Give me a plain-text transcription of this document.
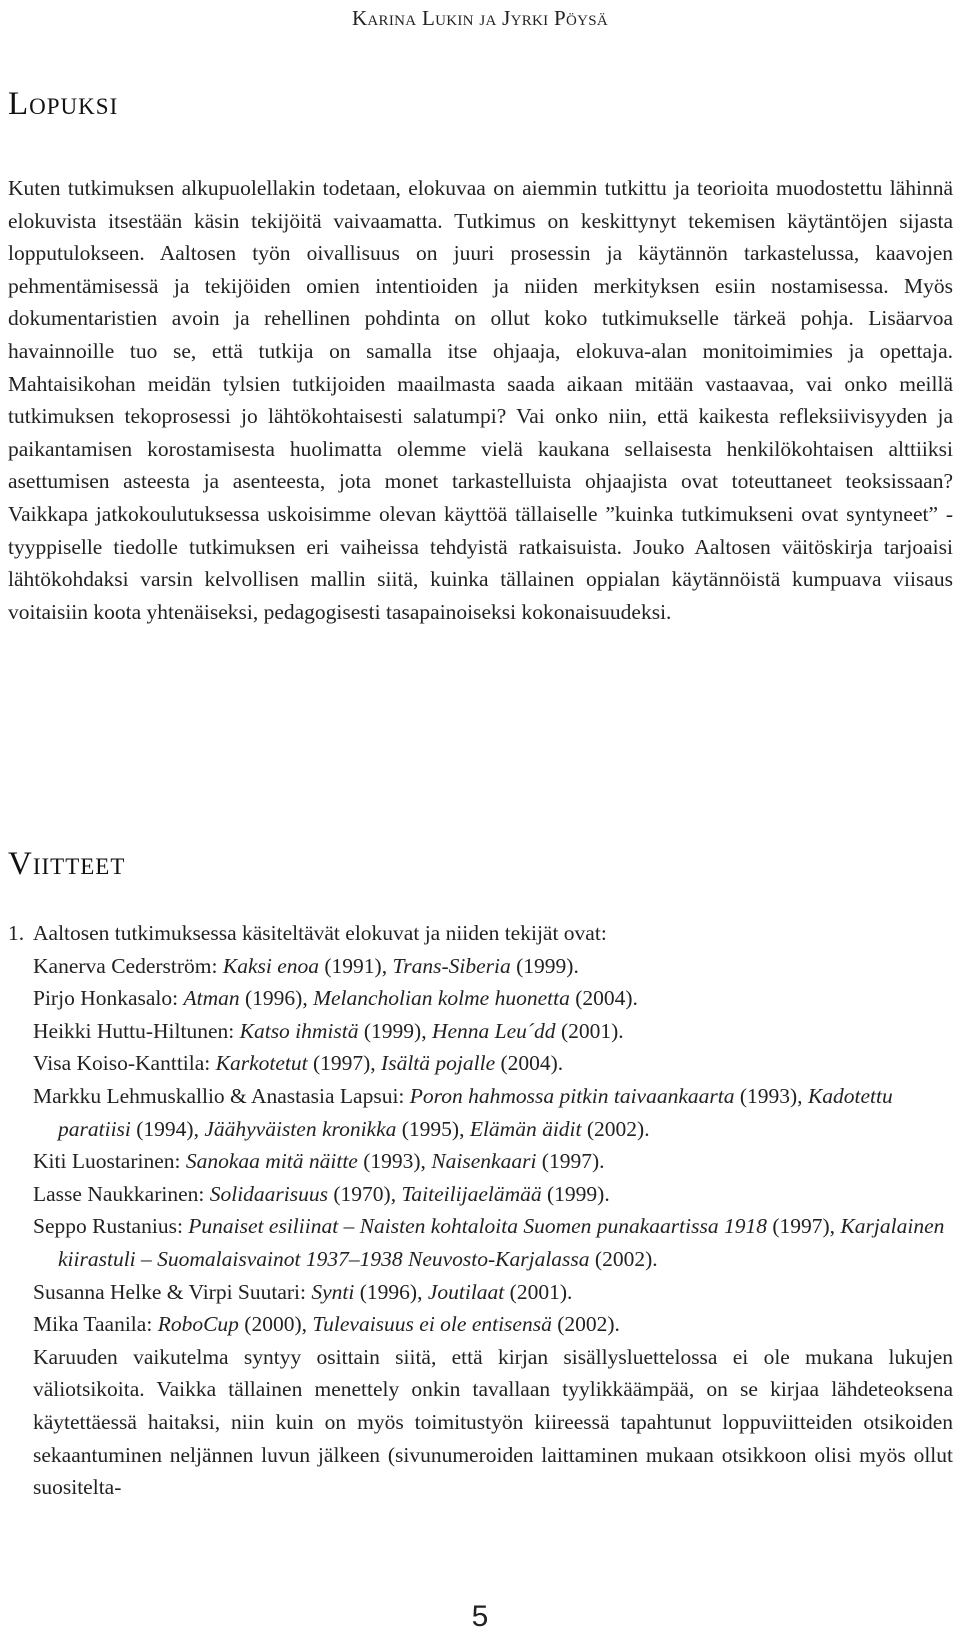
Karina Lukin ja Jyrki Pöysä
Lopuksi

Kuten tutkimuksen alkupuolellakin todetaan, elokuvaa on aiemmin tutkittu ja teorioita muodostettu lähinnä elokuvista itsestään käsin tekijöitä vaivaamatta. Tutkimus on keskittynyt tekemisen käytäntöjen sijasta lopputulokseen. Aaltosen työn oivallisuus on juuri prosessin ja käytännön tarkastelussa, kaavojen pehmentämisessä ja tekijöiden omien intentioiden ja niiden merkityksen esiin nostamisessa. Myös dokumentaristien avoin ja rehellinen pohdinta on ollut koko tutkimukselle tärkeä pohja. Lisäarvoa havainnoille tuo se, että tutkija on samalla itse ohjaaja, elokuva-alan monitoimimies ja opettaja. Mahtaisikohan meidän tylsien tutkijoiden maailmasta saada aikaan mitään vastaavaa, vai onko meillä tutkimuksen tekoprosessi jo lähtökohtaisesti salatumpi? Vai onko niin, että kaikesta refleksiivisyyden ja paikantamisen korostamisesta huolimatta olemme vielä kaukana sellaisesta henkilökohtaisen alttiiksi asettumisen asteesta ja asenteesta, jota monet tarkastelluista ohjaajista ovat toteuttaneet teoksissaan? Vaikkapa jatkokoulutuksessa uskoisimme olevan käyttöä tällaiselle ”kuinka tutkimukseni ovat syntyneet” -tyyppiselle tiedolle tutkimuksen eri vaiheissa tehdyistä ratkaisuista. Jouko Aaltosen väitöskirja tarjoaisi lähtökohdaksi varsin kelvollisen mallin siitä, kuinka tällainen oppialan käytännöistä kumpuava viisaus voitaisiin koota yhtenäiseksi, pedagogisesti tasapainoiseksi kokonaisuudeksi.

Viitteet
1. Aaltosen tutkimuksessa käsiteltävät elokuvat ja niiden tekijät ovat:
Kanerva Cederström: Kaksi enoa (1991), Trans-Siberia (1999).
Pirjo Honkasalo: Atman (1996), Melancholian kolme huonetta (2004).
Heikki Huttu-Hiltunen: Katso ihmistä (1999), Henna Leu´dd (2001).
Visa Koiso-Kanttila: Karkotetut (1997), Isältä pojalle (2004).
Markku Lehmuskallio & Anastasia Lapsui: Poron hahmossa pitkin taivaankaarta (1993), Kadotettu paratiisi (1994), Jäähyväisten kronikka (1995), Elämän äidit (2002).
Kiti Luostarinen: Sanokaa mitä näitte (1993), Naisenkaari (1997).
Lasse Naukkarinen: Solidaarisuus (1970), Taiteilijaelämää (1999).
Seppo Rustanius: Punaiset esiliinat – Naisten kohtaloita Suomen punakaartissa 1918 (1997), Karjalainen kiirastuli – Suomalaisvainot 1937–1938 Neuvosto-Karjalassa (2002).
Susanna Helke & Virpi Suutari: Synti (1996), Joutilaat (2001).
Mika Taanila: RoboCup (2000), Tulevaisuus ei ole entisensä (2002).
Karuuden vaikutelma syntyy osittain siitä, että kirjan sisällysluettelossa ei ole mukana lukujen väliotsikoita. Vaikka tällainen menettely onkin tavallaan tyylikkäämpää, on se kirjaa lähdeteoksena käytettäessä haitaksi, niin kuin on myös toimitustyön kiireessä tapahtunut loppuviitteiden otsikoiden sekaantuminen neljännen luvun jälkeen (sivunumeroiden laittaminen mukaan otsikkoon olisi myös ollut suositelta-
5
